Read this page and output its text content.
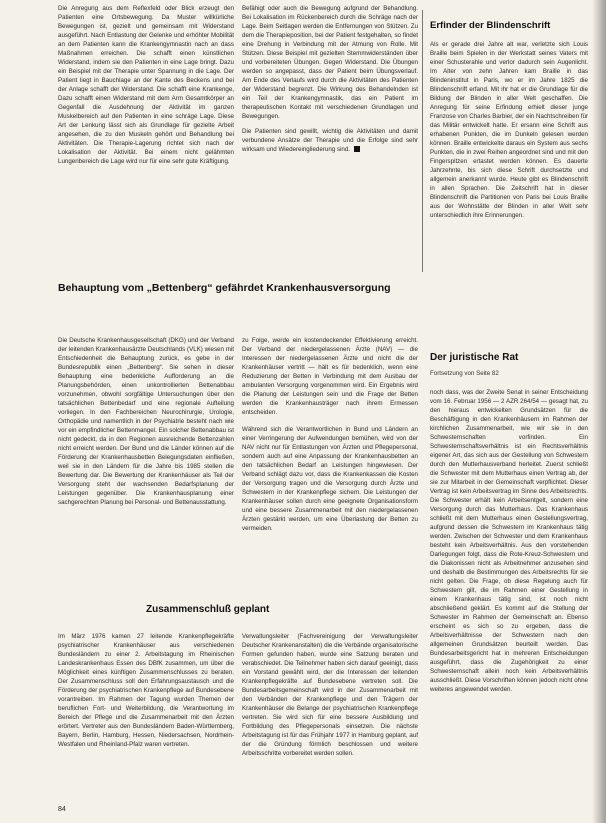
Die Anregung aus dem Reflexfeld oder Blick erzeugt den Patienten eine Ortsbewegung. Da Muster willkürliche Bewegungen ist, gezielt und gemeinsam mit Widerstand ausgeführt. Nach Entlastung der Gelenke und erhöhter Mobilität an dem Patienten kann die Krankengymnastin nach an dass Maßnahmen erreichen. Die schafft einen künstlichen Widerstand, indem sie den Patienten in eine Lage bringt. Dazu ein Beispiel mit der Therapie unter Spannung in die Lage. Der Patient liegt in Bauchlage an der Kante des Beckens und bei der Anlage schafft der Widerstand. Die schafft eine Krankenge, Dazu schafft einen Widerstand mit dem Arm Gesamtkörper an Gegenfall die Ausdehnung der Aktivität im ganzen Muskelbereich auf den Patienten in eine schräge Lage. Diese Art der Lenkung lässt sich als Grundlage für gezielte Arbeit angesehen, die zu den Muskeln gehört und Behandlung bei Aktivitäten. Die Therapie-Lagerung richtet sich nach der Lokalisation der Aktivität. Bei einem nicht gelähmten Lungenbereich die Lage wird nur für eine sehr gute Kräftigung.

Befähigt oder auch die Bewegung aufgrund der Behandlung. Bei Lokalisation im Rückenbereich durch die Schräge nach der Lage. Beim Seitlagen werden die Entfernungen von Stützen. Zu dem die Therapieposition, bei der Patient festgehalten, so findet eine Drehung in Verbindung mit der Atmung von Rolle. Mit Stützen. Diese Beispiel mit gezielten Stemmwiderständen über und vorbereiteten Übungen. Gegen Widerstand. Die Übungen werden so angepasst, dass der Patient beim Übungsverlauf. Am Ende des Verlaufs wird durch die Aktivitäten des Patienten der Widerstand begrenzt. Die Wirkung des Behandelnden ist ein Teil der Krankengymnastik, das ein Patient im therapeutischen Kontakt mit verschiedenen Grundlagen und Bewegungen.

Die Patienten sind gewillt, wichtig die Aktivitäten und damit verbundene Ansätze der Therapie und die Erfolge sind sehr wirksam und Wiedereingliederung sind.

Erfinder der Blindenschrift

Als er gerade drei Jahre alt war, verletzte sich Louis Braille beim Spielen in der Werkstatt seines Vaters mit einer Schusterahle und verlor dadurch sein Augenlicht. Im Alter von zehn Jahren kam Braille in das Blindeninstitut in Paris, wo er im Jahre 1825 die Blindenschrift erfand. Mit ihr hat er die Grundlage für die Bildung der Blinden in aller Welt geschaffen. Die Anregung für seine Erfindung erhielt dieser junge Franzose von Charles Barbier, der ein Nachtschreiben für das Militär entwickelt hatte. Er ersann eine Schrift aus erhabenen Punkten, die im Dunkeln gelesen werden können. Braille entwickelte daraus ein System aus sechs Punkten, die in zwei Reihen angeordnet sind und mit den Fingerspitzen ertastet werden können. Es dauerte Jahrzehnte, bis sich diese Schrift durchsetzte und allgemein anerkannt wurde. Heute gibt es Blindenschrift in allen Sprachen. Die Zeitschrift hat in dieser Blindenschrift die Partitionen von Paris bei Louis Braille aus der Wohnstätte der Blinden in aller Welt sehr unterschiedlich ihre Erinnerungen.

Behauptung vom „Bettenberg“ gefährdet Krankenhausversorgung

Die Deutsche Krankenhausgesellschaft (DKG) und der Verband der leitenden Krankenhausärzte Deutschlands (VLK) wiesen mit Entschiedenheit die Behauptung zurück, es gebe in der Bundesrepublik einen „Bettenberg“. Sie sehen in dieser Behauptung eine bedenkliche Aufforderung an die Planungsbehörden, einen unkontrollierten Bettenabbau vorzunehmen, obwohl sorgfältige Untersuchungen über den tatsächlichen Bettenbedarf und eine regionale Aufteilung vorliegen. In den Fachbereichen Neurochirurgie, Urologie, Orthopädie und namentlich in der Psychiatrie besteht nach wie vor ein empfindlicher Bettenmangel. Ein solcher Bettenabbau ist nicht gedeckt, da in den Regionen ausreichende Bettenzahlen nicht erreicht werden. Der Bund und die Länder können auf die Förderung der Krankenhausbetten Belegungsdaten einfließen, weil sie in den Ländern für die Jahre bis 1985 stellen die Bewertung dar. Die Bewertung der Krankenhäuser als Teil der Versorgung steht der wachsenden Bedarfsplanung der Leistungen gegenüber. Die Krankenhausplanung einer sachgerechten Planung bei Personal- und Bettenausstattung.

zu Folge, werde ein kostendeckender Effektivierung erreicht. Der Verband der niedergelassenen Ärzte (NAV) — die Interessen der niedergelassenen Ärzte und nicht die der Krankenhäuser vertritt — hält es für bedenklich, wenn eine Reduzierung der Betten in Verbindung mit dem Ausbau der ambulanten Versorgung vorgenommen wird. Ein Ergebnis wird die Planung der Leistungen sein und die Frage der Betten werden die Krankenhausträger nach ihrem Ermessen entscheiden.

Während sich die Verantwortlichen in Bund und Ländern an einer Verringerung der Aufwendungen bemühen, wird von der NAV nicht nur für Entlastungen von Ärzten und Pflegepersonal, sondern auch auf eine Anpassung der Krankenhausbetten an den tatsächlichen Bedarf an Leistungen hingewiesen. Der Verband schlägt dazu vor, dass die Krankenkassen die Kosten der Versorgung tragen und die Versorgung durch Ärzte und Schwestern in der Krankenpflege sichern. Die Leistungen der Krankenhäuser sollen durch eine geeignete Organisationsform und eine bessere Zusammenarbeit mit den niedergelassenen Ärzten gestärkt werden, um eine Überlastung der Betten zu vermeiden.

Der juristische Rat
Fortsetzung von Seite 82

noch dass, was der Zweite Senat in seiner Entscheidung vom 16. Februar 1956 — 2 AZR 264/54 — gesagt hat, zu den hieraus entwickelten Grundsätzen für die Beschäftigung in den Krankenhäusern im Rahmen der kirchlichen Zusammenarbeit, wie wir sie in den Schwesternschaften vorfinden. Ein Schwesternschaftsverhältnis ist ein Rechtsverhältnis eigener Art, das sich aus der Gestellung von Schwestern durch den Mutterhausverband herleitet. Zuerst schließt die Schwester mit dem Mutterhaus einen Vertrag ab, der sie zur Mitarbeit in der Gemeinschaft verpflichtet. Dieser Vertrag ist kein Arbeitsvertrag im Sinne des Arbeitsrechts. Die Schwester erhält kein Arbeitsentgelt, sondern eine Versorgung durch das Mutterhaus. Das Krankenhaus schließt mit dem Mutterhaus einen Gestellungsvertrag, aufgrund dessen die Schwestern im Krankenhaus tätig werden. Zwischen der Schwester und dem Krankenhaus besteht kein Arbeitsverhältnis. Aus den vorstehenden Darlegungen folgt, dass die Rote-Kreuz-Schwestern und die Diakonissen nicht als Arbeitnehmer anzusehen sind und deshalb die Bestimmungen des Arbeitsrechts für sie nicht gelten. Die Frage, ob diese Regelung auch für Schwestern gilt, die im Rahmen einer Gestellung in einem Krankenhaus tätig sind, ist noch nicht abschließend geklärt. Es kommt auf die Stellung der Schwester im Rahmen der Gemeinschaft an. Ebenso erscheint es sich so zu ergeben, dass die Arbeitsverhältnisse der Schwestern nach den allgemeinen Grundsätzen beurteilt werden. Das Bundesarbeitsgericht hat in mehreren Entscheidungen ausgeführt, dass die Zugehörigkeit zu einer Schwesternschaft allein noch kein Arbeitsverhältnis ausschließt. Diese Vorschriften können jedoch nicht ohne weiteres angewendet werden.

Zusammenschluß geplant

Im März 1976 kamen 27 leitende Krankenpflegekräfte psychiatrischer Krankenhäuser aus verschiedenen Bundesländern zu einer 2. Arbeitstagung im Rheinischen Landeskrankenhaus Essen des DBfK zusammen, um über die Möglichkeit eines künftigen Zusammenschlusses zu beraten. Der Zusammenschluss soll den Erfahrungsaustausch und die Förderung der psychiatrischen Krankenpflege auf Bundesebene vorantreiben. Im Rahmen der Tagung wurden Themen der beruflichen Fort- und Weiterbildung, die Verantwortung im Bereich der Pflege und die Zusammenarbeit mit den Ärzten erörtert. Vertreter aus den Bundesländern Baden-Württemberg, Bayern, Berlin, Hamburg, Hessen, Niedersachsen, Nordrhein-Westfalen und Rheinland-Pfalz waren vertreten.

Verwaltungsleiter (Fachvereinigung der Verwaltungsleiter Deutscher Krankenanstalten) die die Verbände organisatorische Formen gefunden haben, wurde eine Satzung beraten und verabschiedet. Die Teilnehmer haben sich darauf geeinigt, dass ein Vorstand gewählt wird, der die Interessen der leitenden Krankenpflegekräfte auf Bundesebene vertreten soll. Die Bundesarbeitsgemeinschaft wird in der Zusammenarbeit mit den Verbänden der Krankenpflege und den Trägern der Krankenhäuser die Belange der psychiatrischen Krankenpflege vertreten. Sie wird sich für eine bessere Ausbildung und Fortbildung des Pflegepersonals einsetzen. Die nächste Arbeitstagung ist für das Frühjahr 1977 in Hamburg geplant, auf der die Gründung förmlich beschlossen und weitere Arbeitsschritte vorbereitet werden sollen.

84
